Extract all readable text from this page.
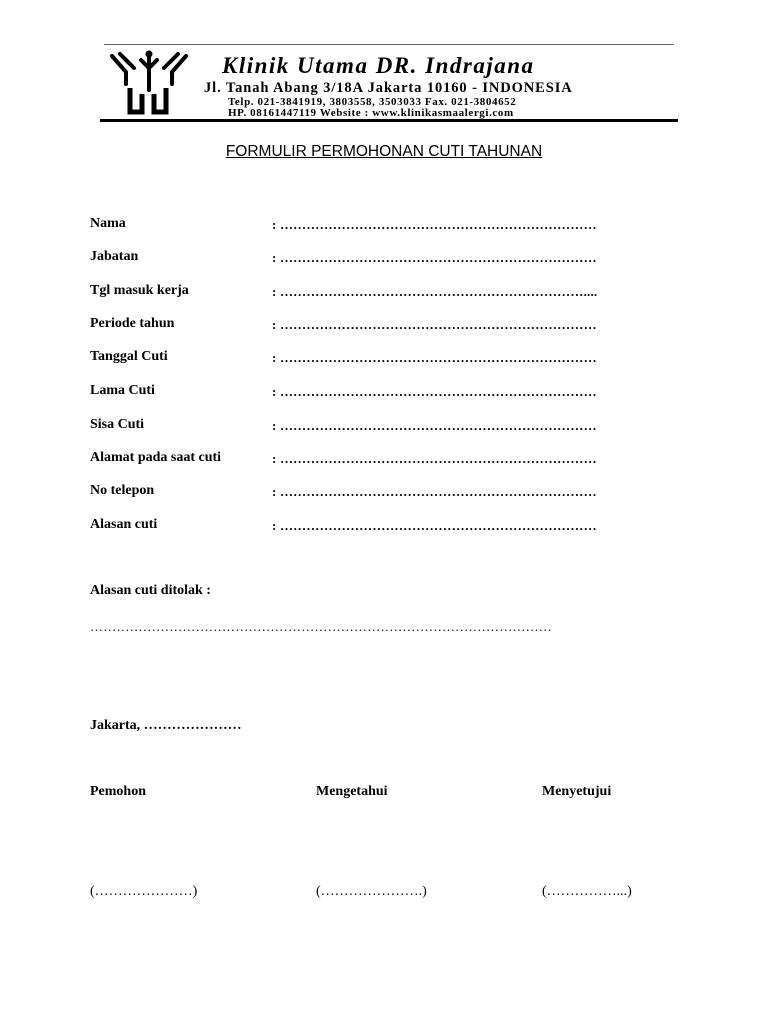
Klinik Utama DR. Indrajana
Jl. Tanah Abang 3/18A Jakarta 10160 - INDONESIA
Telp. 021-3841919, 3803558, 3503033 Fax. 021-3804652
HP. 08161447119 Website : www.klinikasmaalergi.com
FORMULIR PERMOHONAN CUTI TAHUNAN
Nama	: ………………………………………………………………
Jabatan	: ………………………………………………………………
Tgl masuk kerja	: ……………………………………………………………....
Periode tahun	: ………………………………………………………………
Tanggal Cuti	: ………………………………………………………………
Lama Cuti	: ………………………………………………………………
Sisa Cuti	: ………………………………………………………………
Alamat pada saat cuti	: ………………………………………………………………
No telepon	: ………………………………………………………………
Alasan cuti	: ………………………………………………………………
Alasan cuti ditolak :
……………………………………………………………………………………………
Jakarta, …………………
Pemohon	Mengetahui	Menyetujui
(…………………)	(………………….)	(……………...)
